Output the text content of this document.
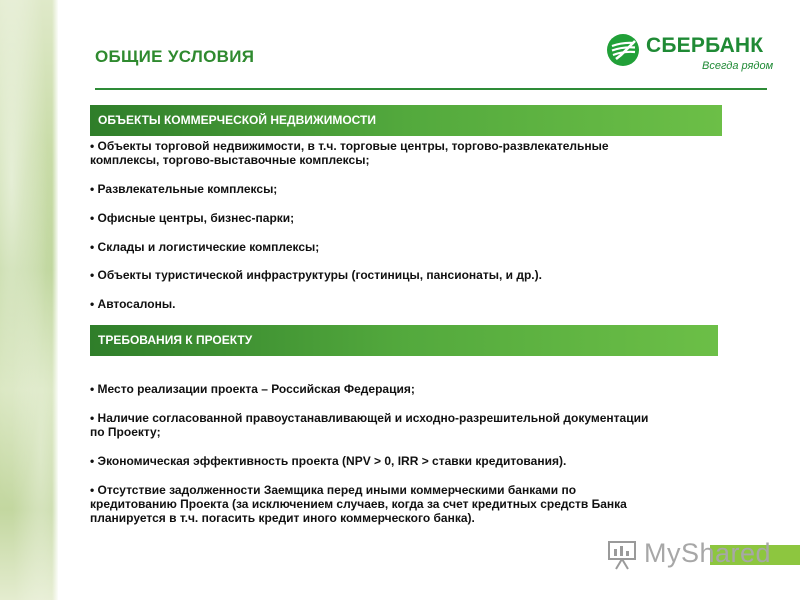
ОБЩИЕ УСЛОВИЯ	СБЕРБАНК
Всегда рядом
ОБЪЕКТЫ КОММЕРЧЕСКОЙ НЕДВИЖИМОСТИ
• Объекты торговой недвижимости, в т.ч. торговые центры, торгово-развлекательные
комплексы, торгово-выставочные комплексы;
• Развлекательные комплексы;
• Офисные центры, бизнес-парки;
• Склады и логистические комплексы;
• Объекты туристической инфраструктуры (гостиницы, пансионаты, и др.).
• Автосалоны.
ТРЕБОВАНИЯ К ПРОЕКТУ
• Место реализации проекта – Российская Федерация;
• Наличие согласованной правоустанавливающей и исходно-разрешительной документации
по Проекту;
• Экономическая эффективность проекта (NPV > 0, IRR > ставки кредитования).
• Отсутствие задолженности Заемщика перед иными коммерческими банками по
кредитованию Проекта (за исключением случаев, когда за счет кредитных средств Банка
планируется в т.ч. погасить кредит иного коммерческого банка).
MyShared
